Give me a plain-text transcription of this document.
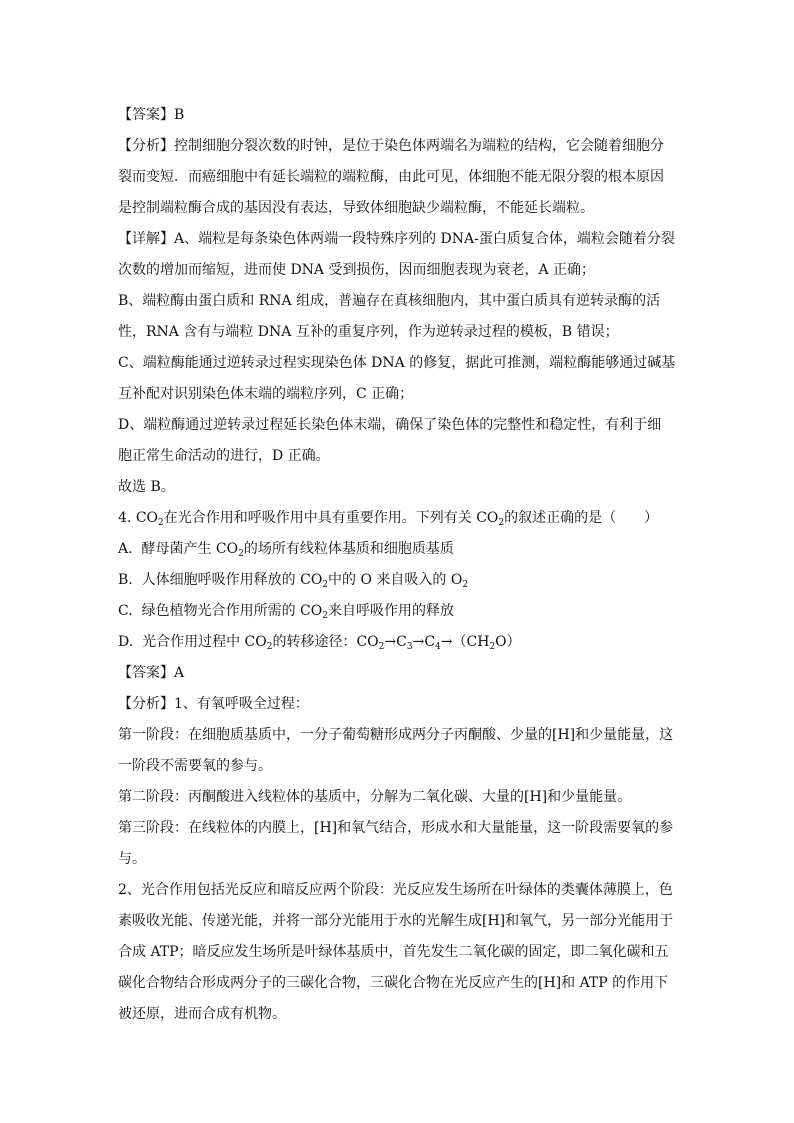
【答案】B
【分析】控制细胞分裂次数的时钟，是位于染色体两端名为端粒的结构，它会随着细胞分
裂而变短．而癌细胞中有延长端粒的端粒酶，由此可见，体细胞不能无限分裂的根本原因
是控制端粒酶合成的基因没有表达，导致体细胞缺少端粒酶，不能延长端粒。
【详解】A、端粒是每条染色体两端一段特殊序列的 DNA-蛋白质复合体，端粒会随着分裂
次数的增加而缩短，进而使 DNA 受到损伤，因而细胞表现为衰老，A 正确；
B、端粒酶由蛋白质和 RNA 组成，普遍存在真核细胞内，其中蛋白质具有逆转录酶的活
性，RNA 含有与端粒 DNA 互补的重复序列，作为逆转录过程的模板，B 错误；
C、端粒酶能通过逆转录过程实现染色体 DNA 的修复，据此可推测，端粒酶能够通过碱基
互补配对识别染色体末端的端粒序列，C 正确；
D、端粒酶通过逆转录过程延长染色体末端，确保了染色体的完整性和稳定性，有利于细
胞正常生命活动的进行，D 正确。
故选 B。
4. $CO_2$在光合作用和呼吸作用中具有重要作用。下列有关 $CO_2$的叙述正确的是（　　）
A. 酵母菌产生 $CO_2$的场所有线粒体基质和细胞质基质
B. 人体细胞呼吸作用释放的 $CO_2$中的 O 来自吸入的 $O_2$
C. 绿色植物光合作用所需的 $CO_2$来自呼吸作用的释放
D. 光合作用过程中 $CO_2$的转移途径：$CO_2\to C_3\to C_4\to(CH_2O)$
【答案】A
【分析】1、有氧呼吸全过程：
第一阶段：在细胞质基质中，一分子葡萄糖形成两分子丙酮酸、少量的[H]和少量能量，这
一阶段不需要氧的参与。
第二阶段：丙酮酸进入线粒体的基质中，分解为二氧化碳、大量的[H]和少量能量。
第三阶段：在线粒体的内膜上，[H]和氧气结合，形成水和大量能量，这一阶段需要氧的参
与。
2、光合作用包括光反应和暗反应两个阶段：光反应发生场所在叶绿体的类囊体薄膜上，色
素吸收光能、传递光能，并将一部分光能用于水的光解生成[H]和氧气，另一部分光能用于
合成 ATP；暗反应发生场所是叶绿体基质中，首先发生二氧化碳的固定，即二氧化碳和五
碳化合物结合形成两分子的三碳化合物，三碳化合物在光反应产生的[H]和 ATP 的作用下
被还原，进而合成有机物。
